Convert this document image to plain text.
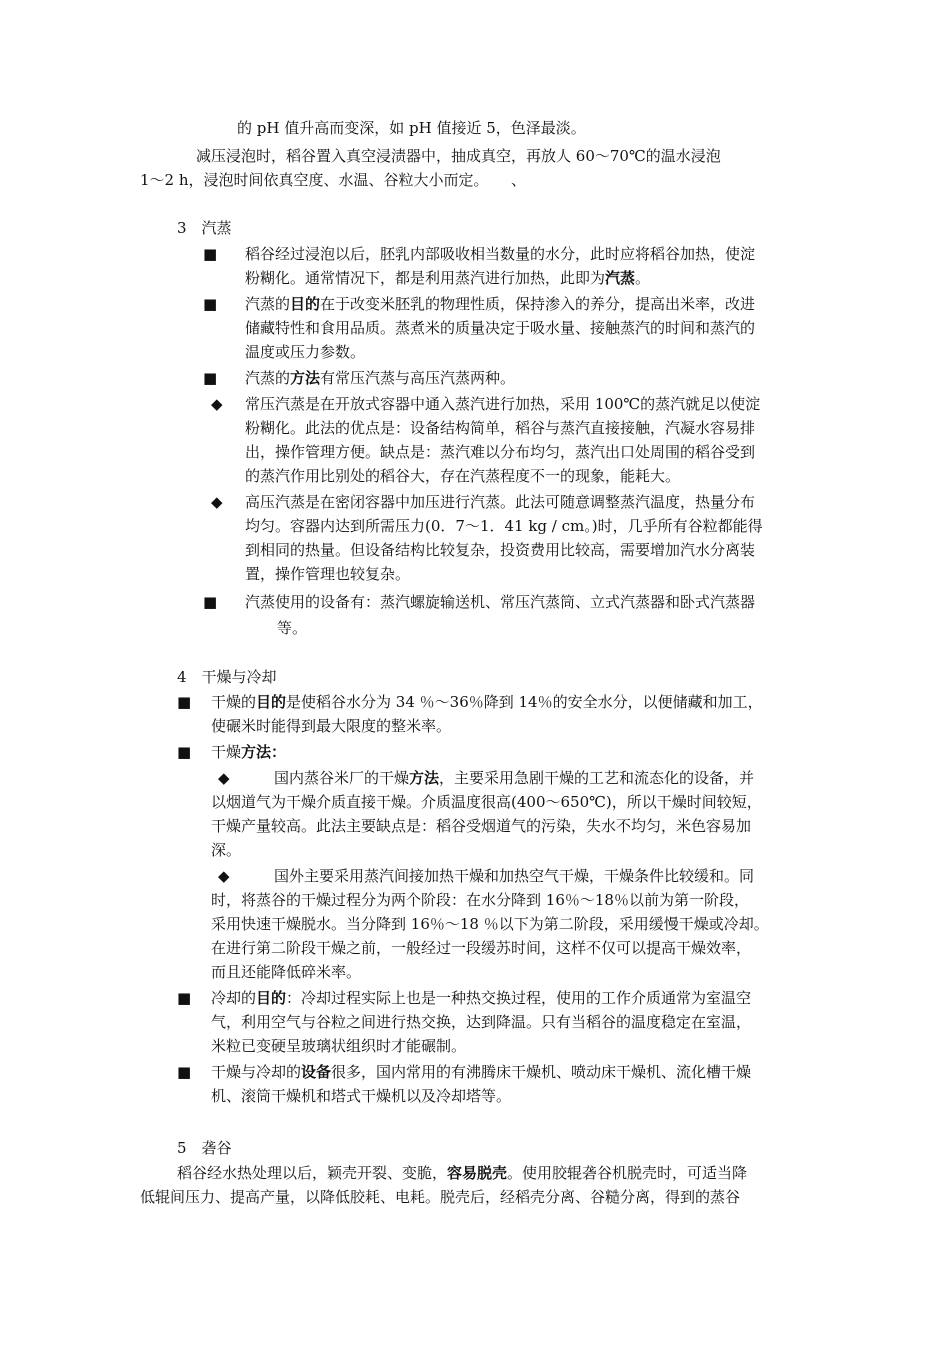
的 pH 值升高而变深，如 pH 值接近 5，色泽最淡。
减压浸泡时，稻谷置入真空浸渍器中，抽成真空，再放人 60～70℃的温水浸泡
1～2 h，浸泡时间依真空度、水温、谷粒大小而定。　　、
3　汽蒸
■ 稻谷经过浸泡以后，胚乳内部吸收相当数量的水分，此时应将稻谷加热，使淀
粉糊化。通常情况下，都是利用蒸汽进行加热，此即为汽蒸。
■ 汽蒸的目的在于改变米胚乳的物理性质，保持渗入的养分，提高出米率，改进
储藏特性和食用品质。蒸煮米的质量决定于吸水量、接触蒸汽的时间和蒸汽的
温度或压力参数。
■ 汽蒸的方法有常压汽蒸与高压汽蒸两种。
◆ 常压汽蒸是在开放式容器中通入蒸汽进行加热，采用 100℃的蒸汽就足以使淀
粉糊化。此法的优点是：设备结构简单，稻谷与蒸汽直接接触，汽凝水容易排
出，操作管理方便。缺点是：蒸汽难以分布均匀，蒸汽出口处周围的稻谷受到
的蒸汽作用比别处的稻谷大，存在汽蒸程度不一的现象，能耗大。
◆ 高压汽蒸是在密闭容器中加压进行汽蒸。此法可随意调整蒸汽温度，热量分布
均匀。容器内达到所需压力(0．7～1．41 kg / cm。)时，几乎所有谷粒都能得
到相同的热量。但设备结构比较复杂，投资费用比较高，需要增加汽水分离装
置，操作管理也较复杂。
■ 汽蒸使用的设备有：蒸汽螺旋输送机、常压汽蒸筒、立式汽蒸器和卧式汽蒸器
等。
4　干燥与冷却
■ 干燥的目的是使稻谷水分为 34 ％～36％降到 14％的安全水分，以便储藏和加工，
使碾米时能得到最大限度的整米率。
■ 干燥方法：
◆	国内蒸谷米厂的干燥方法，主要采用急剧干燥的工艺和流态化的设备，并
以烟道气为干燥介质直接干燥。介质温度很高(400～650℃)，所以干燥时间较短，
干燥产量较高。此法主要缺点是：稻谷受烟道气的污染，失水不均匀，米色容易加
深。
◆	国外主要采用蒸汽间接加热干燥和加热空气干燥，干燥条件比较缓和。同
时，将蒸谷的干燥过程分为两个阶段：在水分降到 16％～18％以前为第一阶段，
采用快速干燥脱水。当分降到 16％～18 ％以下为第二阶段，采用缓慢干燥或冷却。
在进行第二阶段干燥之前，一般经过一段缓苏时间，这样不仅可以提高干燥效率，
而且还能降低碎米率。
■ 冷却的目的：冷却过程实际上也是一种热交换过程，使用的工作介质通常为室温空
气，利用空气与谷粒之间进行热交换，达到降温。只有当稻谷的温度稳定在室温，
米粒已变硬呈玻璃状组织时才能碾制。
■ 干燥与冷却的设备很多，国内常用的有沸腾床干燥机、喷动床干燥机、流化槽干燥
机、滚筒干燥机和塔式干燥机以及冷却塔等。
5　砻谷
稻谷经水热处理以后，颖壳开裂、变脆，容易脱壳。使用胶辊砻谷机脱壳时，可适当降
低辊间压力、提高产量，以降低胶耗、电耗。脱壳后，经稻壳分离、谷糙分离，得到的蒸谷
